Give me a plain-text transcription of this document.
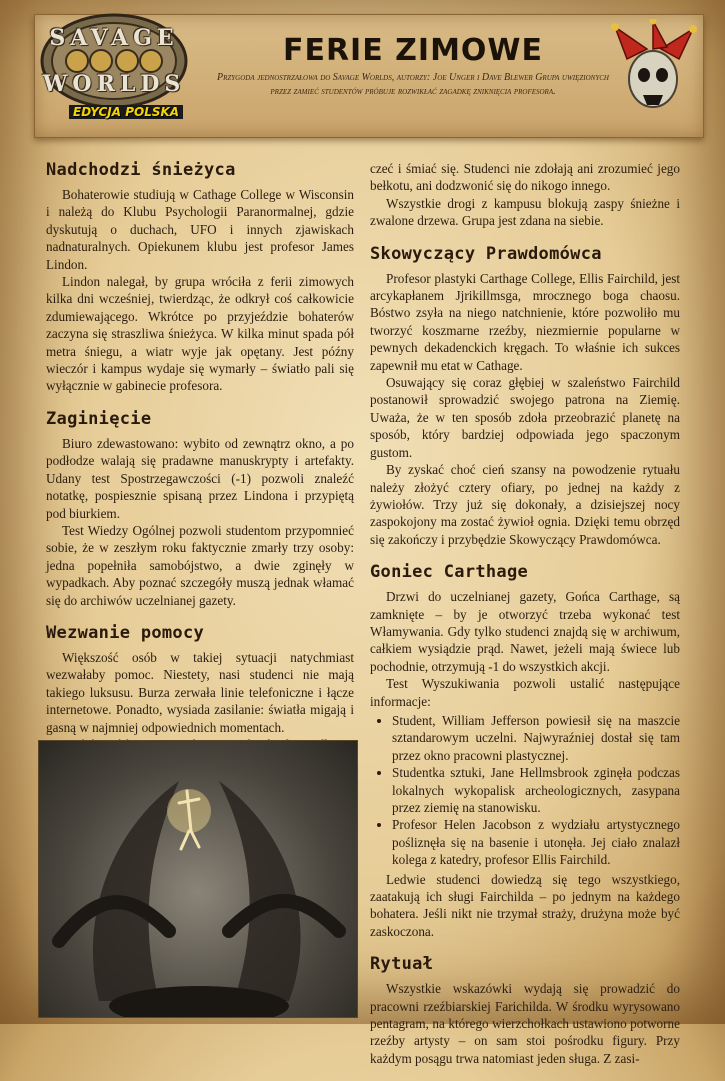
SAVAGE
WORLDS
EDYCJA POLSKA
FERIE ZIMOWE
Przygoda jednostrzałowa do Savage Worlds, autorzy: Joe Unger i Dave Blewer Grupa uwięzionych przez zamieć studentów próbuje rozwikłać zagadkę zniknięcia profesora.
Nadchodzi śnieżyca

Bohaterowie studiują w Cathage College w Wisconsin i należą do Klubu Psychologii Paranormalnej, gdzie dyskutują o duchach, UFO i innych zjawiskach nadnaturalnych. Opiekunem klubu jest profesor James Lindon.

Lindon nalegał, by grupa wróciła z ferii zimowych kilka dni wcześniej, twierdząc, że odkrył coś całkowicie zdumiewającego. Wkrótce po przyjeździe bohaterów zaczyna się straszliwa śnieżyca. W kilka minut spada pół metra śniegu, a wiatr wyje jak opętany. Jest późny wieczór i kampus wydaje się wymarły – światło pali się wyłącznie w gabinecie profesora.

Zaginięcie

Biuro zdewastowano: wybito od zewnątrz okno, a po podłodze walają się pradawne manuskrypty i artefakty. Udany test Spostrzegawczości (-1) pozwoli znaleźć notatkę, pospiesznie spisaną przez Lindona i przypiętą pod biurkiem.

Test Wiedzy Ogólnej pozwoli studentom przypomnieć sobie, że w zeszłym roku faktycznie zmarły trzy osoby: jedna popełniła samobójstwo, a dwie zginęły w wypadkach. Aby poznać szczegóły muszą jednak włamać się do archiwów uczelnianej gazety.

Wezwanie pomocy

Większość osób w takiej sytuacji natychmiast wezwałaby pomoc. Niestety, nasi studenci nie mają takiego luksusu. Burza zerwała linie telefoniczne i łącze internetowe. Ponadto, wysiada zasilanie: światła migają i gasną w najmniej odpowiednich momentach.

czeć i śmiać się. Studenci nie zdołają ani zrozumieć jego bełkotu, ani dodzwonić się do nikogo innego.

Wszystkie drogi z kampusu blokują zaspy śnieżne i zwalone drzewa. Grupa jest zdana na siebie.

Skowyczący Prawdomówca

Profesor plastyki Carthage College, Ellis Fairchild, jest arcykapłanem Jjrikillmsga, mrocznego boga chaosu. Bóstwo zsyła na niego natchnienie, które pozwoliło mu tworzyć koszmarne rzeźby, niezmiernie popularne w pewnych dekadenckich kręgach. To właśnie ich sukces zapewnił mu etat w Cathage.

Osuwający się coraz głębiej w szaleństwo Fairchild postanowił sprowadzić swojego patrona na Ziemię. Uważa, że w ten sposób zdoła przeobrazić planetę na sposób, który bardziej odpowiada jego spaczonym gustom.

By zyskać choć cień szansy na powodzenie rytuału należy złożyć cztery ofiary, po jednej na każdy z żywiołów. Trzy już się dokonały, a dzisiejszej nocy zaspokojony ma zostać żywioł ognia. Dzięki temu obrzęd się zakończy i przybędzie Skowyczący Prawdomówca.

Goniec Carthage

Drzwi do uczelnianej gazety, Gońca Carthage, są zamknięte – by je otworzyć trzeba wykonać test Włamywania. Gdy tylko studenci znajdą się w archiwum, całkiem wysiądzie prąd. Nawet, jeżeli mają świece lub pochodnie, otrzymują -1 do wszystkich akcji.

Test Wyszukiwania pozwoli ustalić następujące informacje:

• Student, William Jefferson powiesił się na maszcie sztandarowym uczelni. Najwyraźniej dostał się tam przez okno pracowni plastycznej.
• Studentka sztuki, Jane Hellmsbrook zginęła podczas lokalnych wykopalisk archeologicznych, zasypana przez ziemię na stanowisku.
• Profesor Helen Jacobson z wydziału artystycznego pośliznęła się na basenie i utonęła. Jej ciało znalazł kolega z katedry, profesor Ellis Fairchild.

Ledwie studenci dowiedzą się tego wszystkiego, zaatakują ich sługi Fairchilda – po jednym na każdego bohatera. Jeśli nikt nie trzymał straży, drużyna może być zaskoczona.

Rytuał

Wszystkie wskazówki wydają się prowadzić do pracowni rzeźbiarskiej Farichilda. W środku wyrysowano pentagram, na którego wierzchołkach ustawiono potworne rzeźby artysty – on sam stoi pośrodku figury. Przy każdym posągu trwa natomiast jeden sługa. Z zasi-
